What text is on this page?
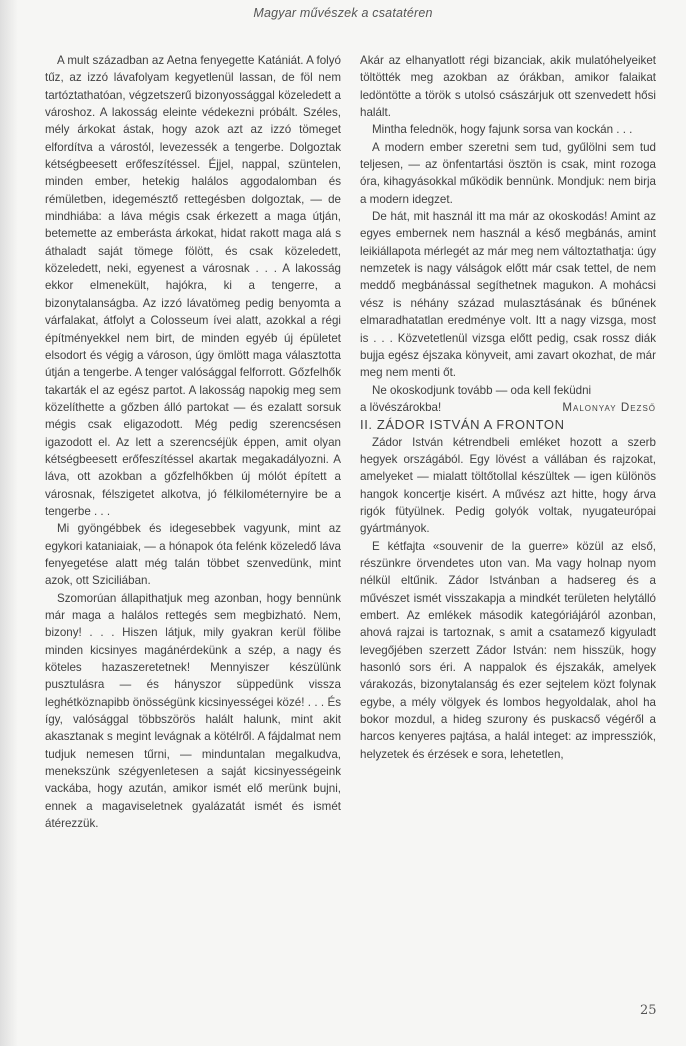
Magyar művészek a csatatéren

A mult században az Aetna fenyegette Katániát. A folyó tűz, az izzó lávafolyam kegyetlenül lassan, de föl nem tartóztathatóan, végzetszerű bizonyossággal közeledett a városhoz. A lakosság eleinte védekezni próbált. Széles, mély árkokat ástak, hogy azok azt az izzó tömeget elfordítva a várostól, levezessék a tengerbe. Dolgoztak kétségbeesett erőfeszítéssel. Éjjel, nappal, szüntelen, minden ember, hetekig halálos aggodalomban és rémületben, idegemésztő rettegésben dolgoztak, — de mindhiába: a láva mégis csak érkezett a maga útján, betemette az emberásta árkokat, hidat rakott maga alá s áthaladt saját tömege fölött, és csak közeledett, közeledett, neki, egyenest a városnak . . . A lakosság ekkor elmenekült, hajókra, ki a tengerre, a bizonytalanságba. Az izzó lávatömeg pedig benyomta a várfalakat, átfolyt a Colosseum ívei alatt, azokkal a régi építményekkel nem birt, de minden egyéb új épületet elsodort és végig a városon, úgy ömlött maga választotta útján a tengerbe. A tenger valósággal felforrott. Gőzfelhők takarták el az egész partot. A lakosság napokig meg sem közelíthette a gőzben álló partokat — és ezalatt sorsuk mégis csak eligazodott. Még pedig szerencsésen igazodott el. Az lett a szerencséjük éppen, amit olyan kétségbeesett erőfeszítéssel akartak megakadályozni. A láva, ott azokban a gőzfelhőkben új mólót épített a városnak, félszigetet alkotva, jó félkilométernyire be a tengerbe . . .

Mi gyöngébbek és idegesebbek vagyunk, mint az egykori kataniaiak, — a hónapok óta felénk közeledő láva fenyegetése alatt még talán többet szenvedünk, mint azok, ott Sziciliában.

Szomorúan állapithatjuk meg azonban, hogy bennünk már maga a halálos rettegés sem megbizható. Nem, bizony! . . . Hiszen látjuk, mily gyakran kerül fölibe minden kicsinyes magánérdekünk a szép, a nagy és köteles hazaszeretetnek! Mennyiszer készülünk pusztulásra — és hányszor süppedünk vissza leghétköznapibb önösségünk kicsinyességei közé! . . . És így, valósággal többszörös halált halunk, mint akit akasztanak s megint levágnak a kötélről. A fájdalmat nem tudjuk nemesen tűrni, — minduntalan megalkudva, menekszünk szégyenletesen a saját kicsinyességeink vackába, hogy azután, amikor ismét elő merünk bujni, ennek a magaviseletnek gyalázatát ismét és ismét átérezzük.

Akár az elhanyatlott régi bizanciak, akik mulatóhelyeiket töltötték meg azokban az órákban, amikor falaikat ledöntötte a török s utolsó császárjuk ott szenvedett hősi halált.

Mintha felednök, hogy fajunk sorsa van kockán . . .

A modern ember szeretni sem tud, gyűlölni sem tud teljesen, — az önfentartási ösztön is csak, mint rozoga óra, kihagyásokkal működik bennünk. Mondjuk: nem birja a modern idegzet.

De hát, mit használ itt ma már az okoskodás! Amint az egyes embernek nem használ a késő megbánás, amint leikiállapota mérlegét az már meg nem változtathatja: úgy nemzetek is nagy válságok előtt már csak tettel, de nem meddő megbánással segíthetnek magukon. A mohácsi vész is néhány század mulasztásának és bűnének elmaradhatatlan eredménye volt. Itt a nagy vizsga, most is . . . Közvetetlenül vizsga előtt pedig, csak rossz diák bujja egész éjszaka könyveit, ami zavart okozhat, de már meg nem menti őt.

Ne okoskodjunk tovább — oda kell feküdni

a lövészárokba!	Malonyay Dezső

II. ZÁDOR ISTVÁN A FRONTON

Zádor István kétrendbeli emléket hozott a szerb hegyek országából. Egy lövést a vállában és rajzokat, amelyeket — mialatt töltőtollal készültek — igen különös hangok koncertje kisért. A művész azt hitte, hogy árva rigók fütyülnek. Pedig golyók voltak, nyugateurópai gyártmányok.

E kétfajta «souvenir de la guerre» közül az első, részünkre örvendetes uton van. Ma vagy holnap nyom nélkül eltűnik. Zádor Istvánban a hadsereg és a művészet ismét visszakapja a mindkét területen helytálló embert. Az emlékek második kategóriájáról azonban, ahová rajzai is tartoznak, s amit a csatamező kigyuladt levegőjében szerzett Zádor István: nem hisszük, hogy hasonló sors éri. A nappalok és éjszakák, amelyek várakozás, bizonytalanság és ezer sejtelem közt folynak egybe, a mély völgyek és lombos hegyoldalak, ahol ha bokor mozdul, a hideg szurony és puskacső végéről a harcos kenyeres pajtása, a halál integet: az impressziók, helyzetek és érzések e sora, lehetetlen,

25
